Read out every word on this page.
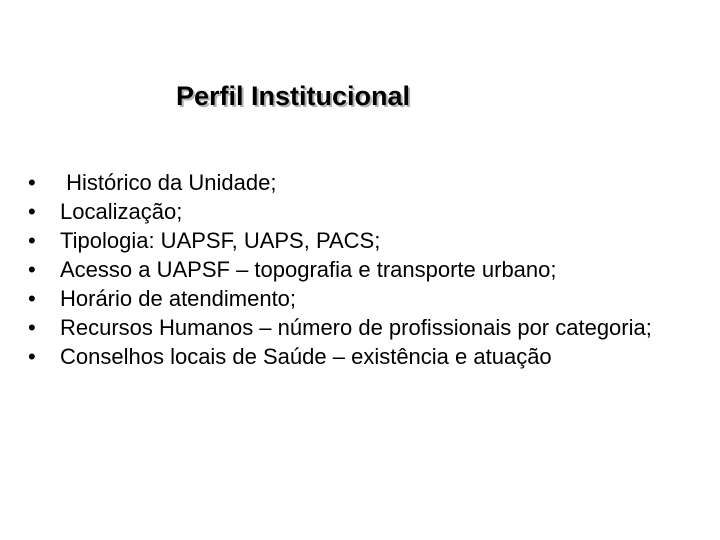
Perfil Institucional
•	Histórico da Unidade;
•	Localização;
•	Tipologia: UAPSF, UAPS, PACS;
•	Acesso a UAPSF – topografia e transporte urbano;
•	Horário de atendimento;
•	Recursos Humanos – número de profissionais por categoria;
•	Conselhos locais de Saúde – existência e atuação
